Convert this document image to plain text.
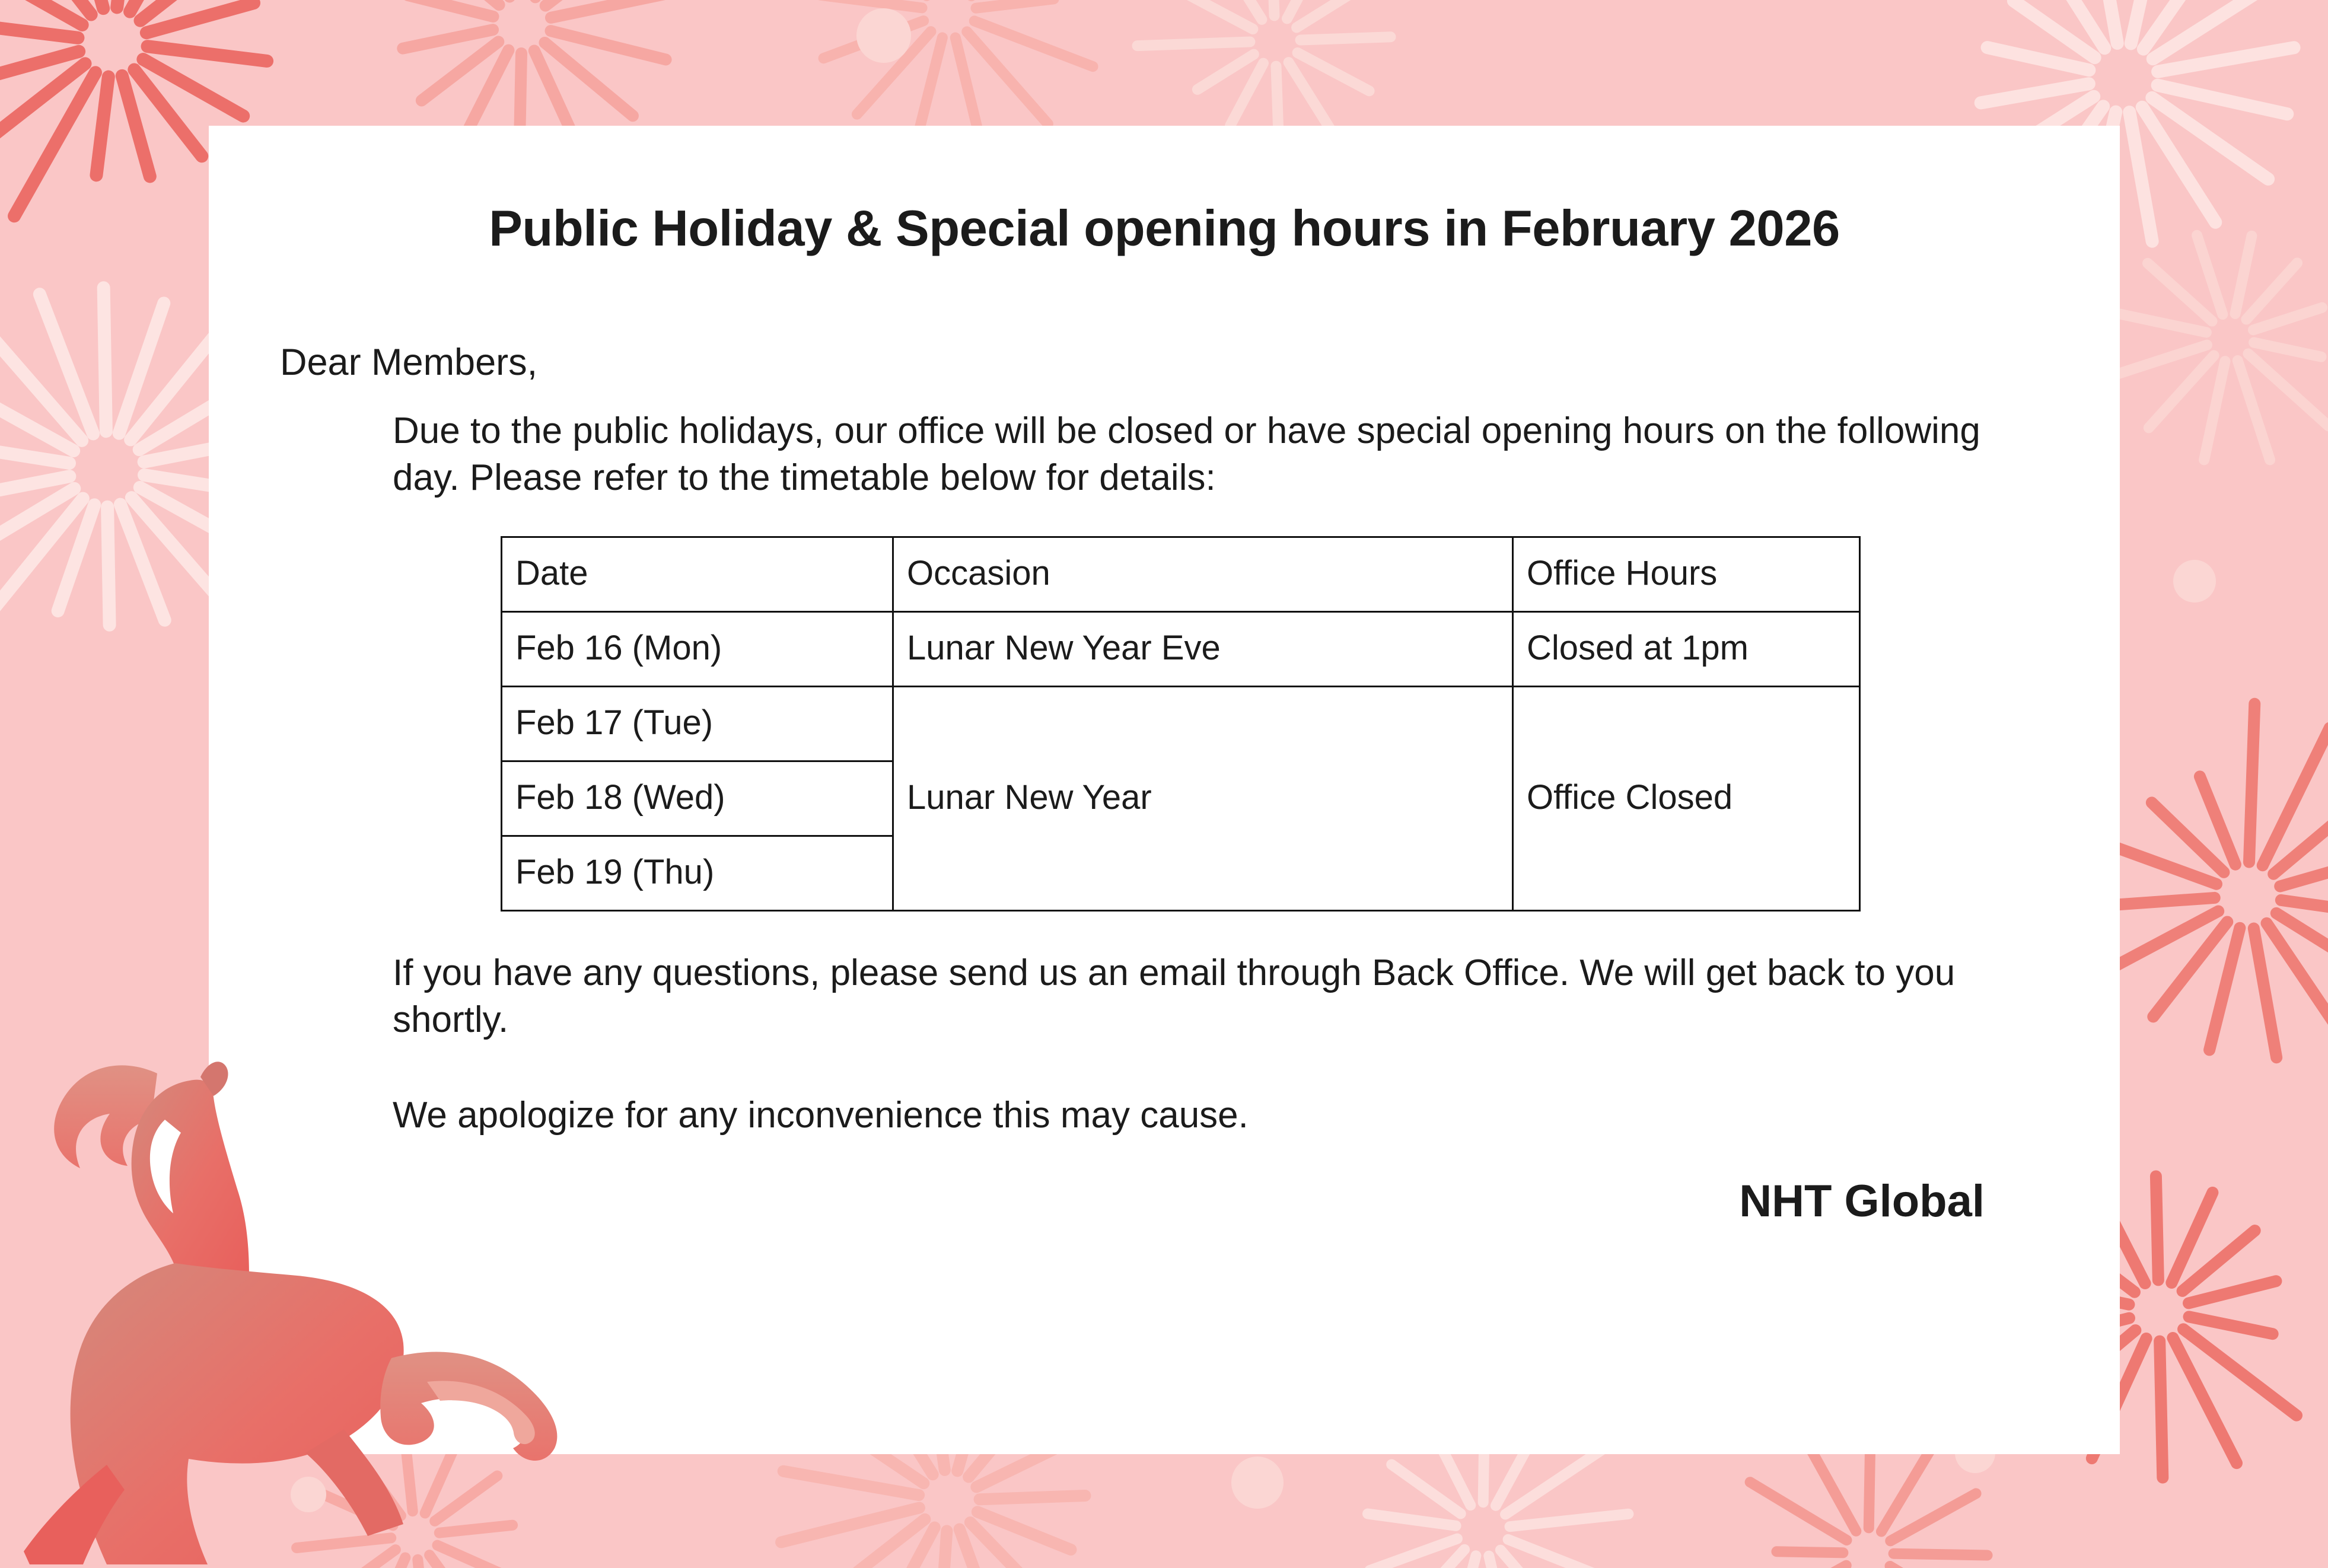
Public Holiday & Special opening hours in February 2026
Dear Members,
Due to the public holidays, our office will be closed or have special opening hours on the following day. Please refer to the timetable below for details:
Date	Occasion	Office Hours
Feb 16 (Mon)	Lunar New Year Eve	Closed at 1pm
Feb 17 (Tue)	Lunar New Year	Office Closed
Feb 18 (Wed)		
Feb 19 (Thu)		
If you have any questions, please send us an email through Back Office. We will get back to you shortly.
We apologize for any inconvenience this may cause.
NHT Global
